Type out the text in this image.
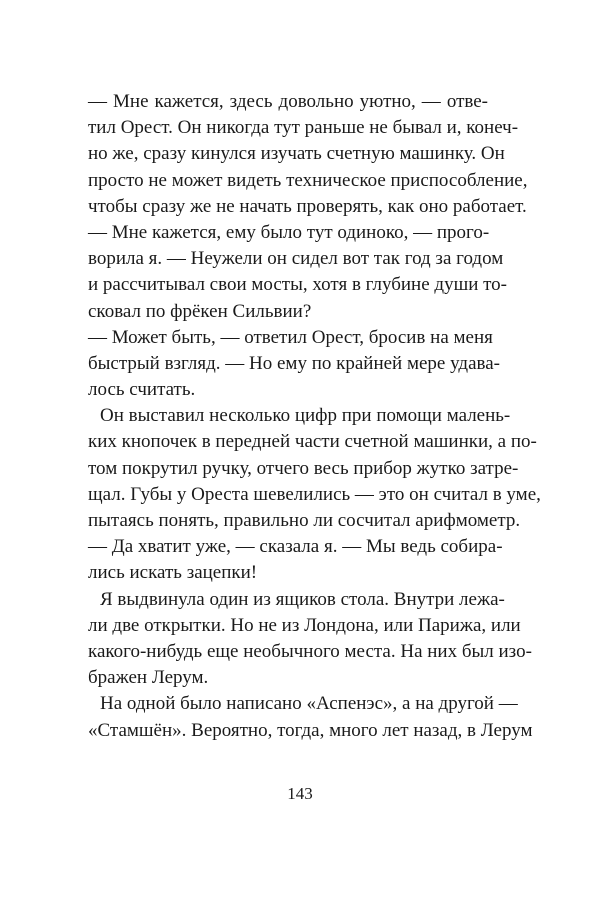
— Мне кажется, здесь довольно уютно, — отве-
тил Орест. Он никогда тут раньше не бывал и, конеч-
но же, сразу кинулся изучать счетную машинку. Он
просто не может видеть техническое приспособление,
чтобы сразу же не начать проверять, как оно работает.
— Мне кажется, ему было тут одиноко, — прого-
ворила я. — Неужели он сидел вот так год за годом
и рассчитывал свои мосты, хотя в глубине души то-
сковал по фрёкен Сильвии?
— Может быть, — ответил Орест, бросив на меня
быстрый взгляд. — Но ему по крайней мере удава-
лось считать.
Он выставил несколько цифр при помощи малень-
ких кнопочек в передней части счетной машинки, а по-
том покрутил ручку, отчего весь прибор жутко затре-
щал. Губы у Ореста шевелились — это он считал в уме,
пытаясь понять, правильно ли сосчитал арифмометр.
— Да хватит уже, — сказала я. — Мы ведь собира-
лись искать зацепки!
Я выдвинула один из ящиков стола. Внутри лежа-
ли две открытки. Но не из Лондона, или Парижа, или
какого-нибудь еще необычного места. На них был изо-
бражен Лерум.
На одной было написано «Аспенэс», а на другой —
«Стамшён». Вероятно, тогда, много лет назад, в Лерум
143
